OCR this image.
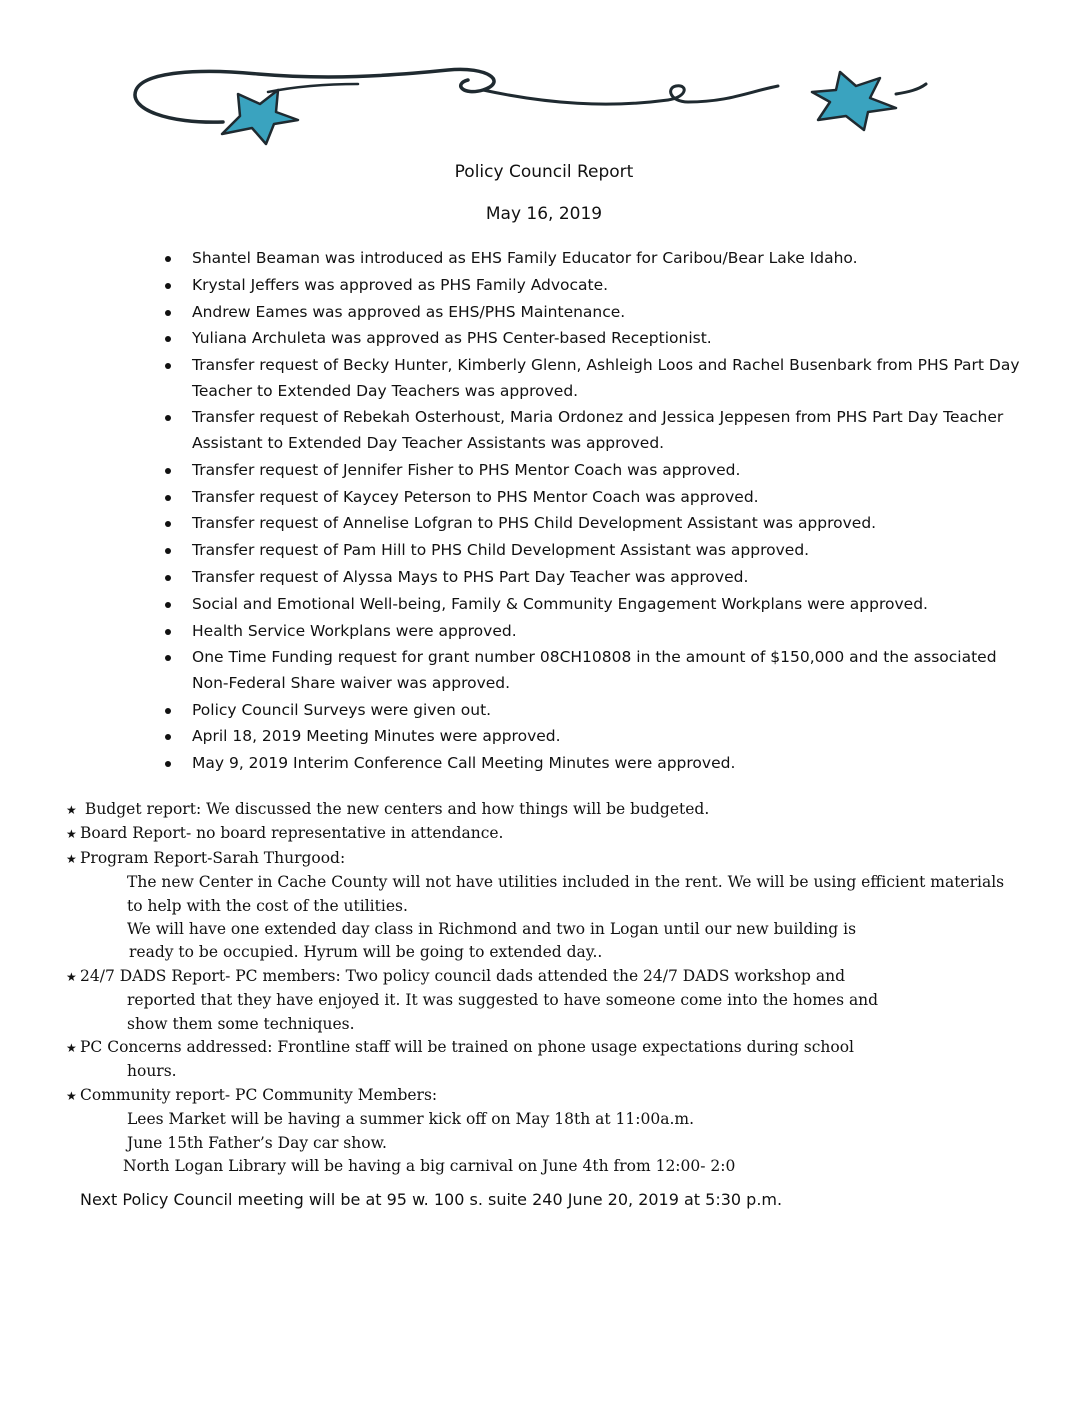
Policy Council Report
May 16, 2019
Shantel Beaman was introduced as EHS Family Educator for Caribou/Bear Lake Idaho.
Krystal Jeffers was approved as PHS Family Advocate.
Andrew Eames was approved as EHS/PHS Maintenance.
Yuliana Archuleta was approved as PHS Center-based Receptionist.
Transfer request of Becky Hunter, Kimberly Glenn, Ashleigh Loos and Rachel Busenbark from PHS Part Day Teacher to Extended Day Teachers was approved.
Transfer request of Rebekah Osterhoust, Maria Ordonez and Jessica Jeppesen from PHS Part Day Teacher Assistant to Extended Day Teacher Assistants was approved.
Transfer request of Jennifer Fisher to PHS Mentor Coach was approved.
Transfer request of Kaycey Peterson to PHS Mentor Coach was approved.
Transfer request of Annelise Lofgran to PHS Child Development Assistant was approved.
Transfer request of Pam Hill to PHS Child Development Assistant was approved.
Transfer request of Alyssa Mays to PHS Part Day Teacher was approved.
Social and Emotional Well-being, Family & Community Engagement Workplans were approved.
Health Service Workplans were approved.
One Time Funding request for grant number 08CH10808 in the amount of $150,000 and the associated Non-Federal Share waiver was approved.
Policy Council Surveys were given out.
April 18, 2019 Meeting Minutes were approved.
May 9, 2019 Interim Conference Call Meeting Minutes were approved.
★ Budget report: We discussed the new centers and how things will be budgeted.
★ Board Report- no board representative in attendance.
★ Program Report-Sarah Thurgood:
The new Center in Cache County will not have utilities included in the rent. We will be using efficient materials
to help with the cost of the utilities.
We will have one extended day class in Richmond and two in Logan until our new building is
ready to be occupied. Hyrum will be going to extended day..
★ 24/7 DADS Report- PC members: Two policy council dads attended the 24/7 DADS workshop and
reported that they have enjoyed it. It was suggested to have someone come into the homes and
show them some techniques.
★ PC Concerns addressed: Frontline staff will be trained on phone usage expectations during school
hours.
★ Community report- PC Community Members:
Lees Market will be having a summer kick off on May 18th at 11:00a.m.
June 15th Father’s Day car show.
North Logan Library will be having a big carnival on June 4th from 12:00- 2:0
Next Policy Council meeting will be at 95 w. 100 s. suite 240 June 20, 2019 at 5:30 p.m.
